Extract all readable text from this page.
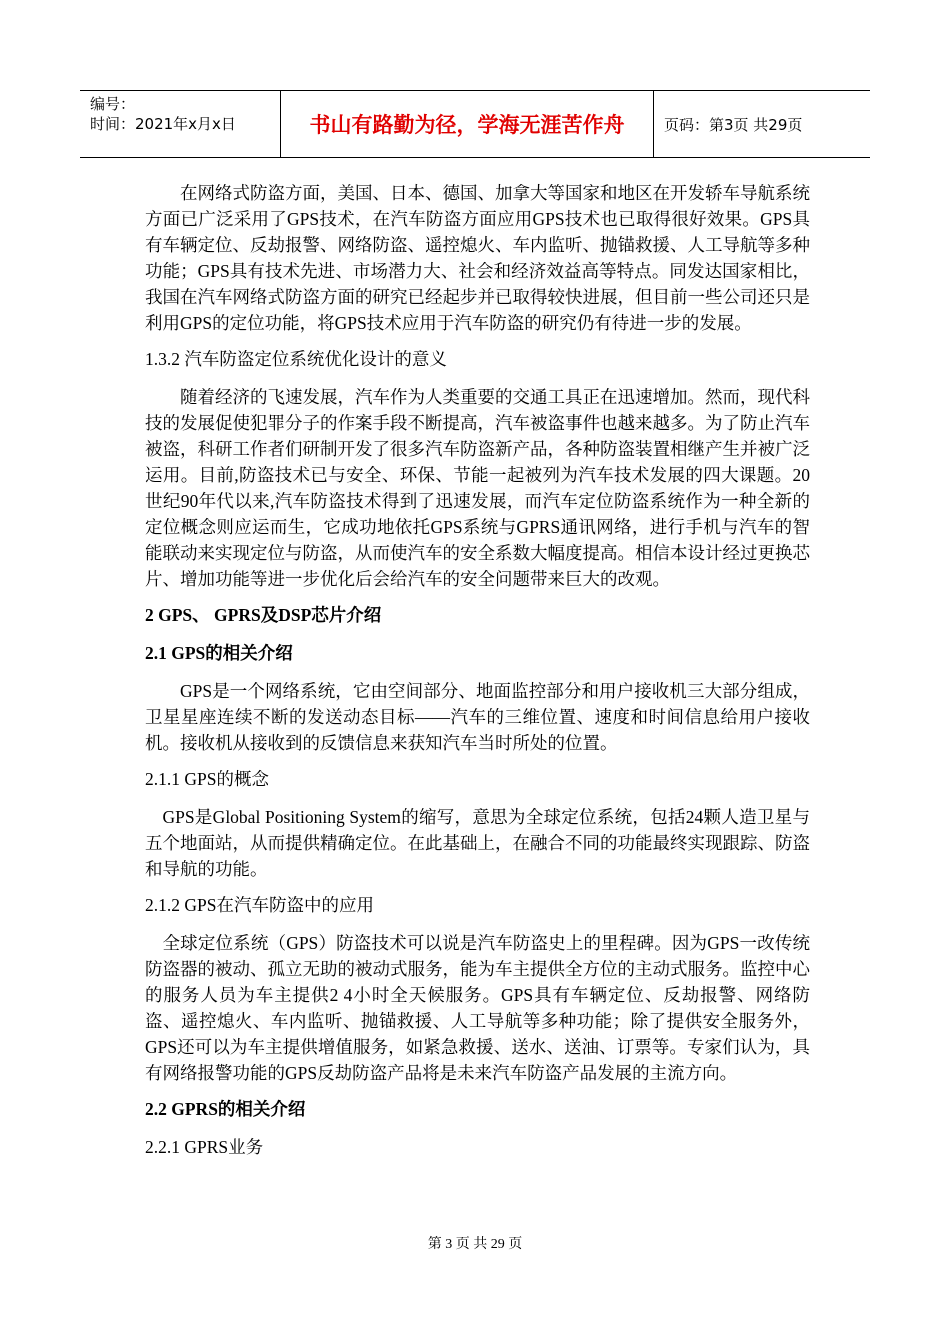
编号：
时间：2021年x月x日	书山有路勤为径，学海无涯苦作舟	页码：第3页 共29页

在网络式防盗方面，美国、日本、德国、加拿大等国家和地区在开发轿车导航系统方面已广泛采用了GPS技术，在汽车防盗方面应用GPS技术也已取得很好效果。GPS具有车辆定位、反劫报警、网络防盗、遥控熄火、车内监听、抛锚救援、人工导航等多种功能；GPS具有技术先进、市场潜力大、社会和经济效益高等特点。同发达国家相比，我国在汽车网络式防盗方面的研究已经起步并已取得较快进展，但目前一些公司还只是利用GPS的定位功能，将GPS技术应用于汽车防盗的研究仍有待进一步的发展。

1.3.2 汽车防盗定位系统优化设计的意义

随着经济的飞速发展，汽车作为人类重要的交通工具正在迅速增加。然而，现代科技的发展促使犯罪分子的作案手段不断提高，汽车被盗事件也越来越多。为了防止汽车被盗，科研工作者们研制开发了很多汽车防盗新产品，各种防盗装置相继产生并被广泛运用。目前,防盗技术已与安全、环保、节能一起被列为汽车技术发展的四大课题。20世纪90年代以来,汽车防盗技术得到了迅速发展，而汽车定位防盗系统作为一种全新的定位概念则应运而生，它成功地依托GPS系统与GPRS通讯网络，进行手机与汽车的智能联动来实现定位与防盗，从而使汽车的安全系数大幅度提高。相信本设计经过更换芯片、增加功能等进一步优化后会给汽车的安全问题带来巨大的改观。

2 GPS、 GPRS及DSP芯片介绍

2.1 GPS的相关介绍

GPS是一个网络系统，它由空间部分、地面监控部分和用户接收机三大部分组成，卫星星座连续不断的发送动态目标——汽车的三维位置、速度和时间信息给用户接收机。接收机从接收到的反馈信息来获知汽车当时所处的位置。

2.1.1 GPS的概念

GPS是Global Positioning System的缩写，意思为全球定位系统，包括24颗人造卫星与五个地面站，从而提供精确定位。在此基础上，在融合不同的功能最终实现跟踪、防盗和导航的功能。

2.1.2 GPS在汽车防盗中的应用

全球定位系统（GPS）防盗技术可以说是汽车防盗史上的里程碑。因为GPS一改传统防盗器的被动、孤立无助的被动式服务，能为车主提供全方位的主动式服务。监控中心的服务人员为车主提供2 4小时全天候服务。GPS具有车辆定位、反劫报警、网络防盗、遥控熄火、车内监听、抛锚救援、人工导航等多种功能；除了提供安全服务外，GPS还可以为车主提供增值服务，如紧急救援、送水、送油、订票等。专家们认为，具有网络报警功能的GPS反劫防盗产品将是未来汽车防盗产品发展的主流方向。

2.2 GPRS的相关介绍

2.2.1 GPRS业务

第 3 页 共 29 页
